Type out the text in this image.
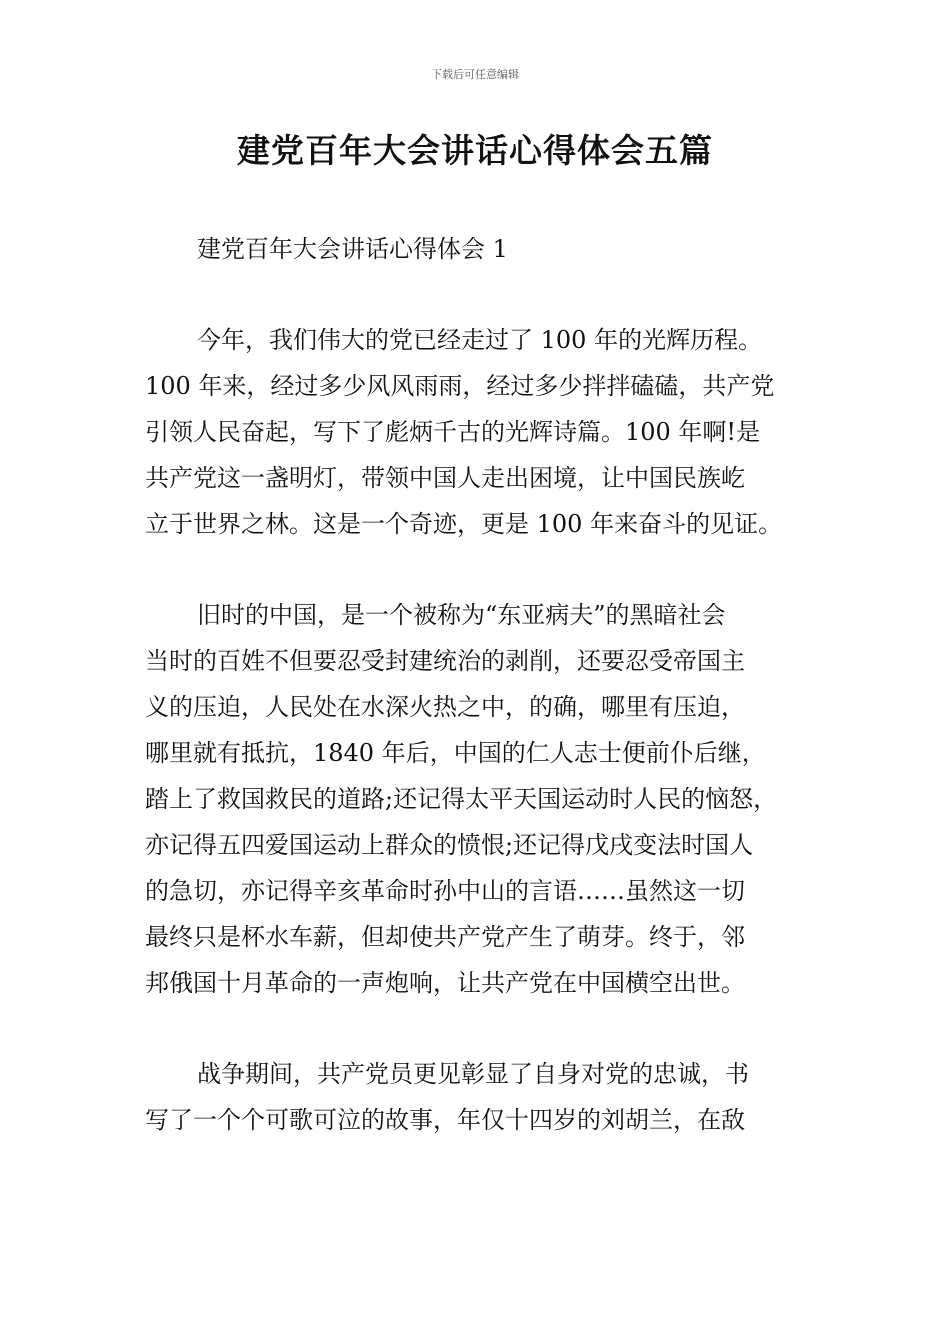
下载后可任意编辑

建党百年大会讲话心得体会五篇

建党百年大会讲话心得体会 1

今年，我们伟大的党已经走过了 100 年的光辉历程。
100 年来，经过多少风风雨雨，经过多少拌拌磕磕，共产党
引领人民奋起，写下了彪炳千古的光辉诗篇。100 年啊!是
共产党这一盏明灯，带领中国人走出困境，让中国民族屹
立于世界之林。这是一个奇迹，更是 100 年来奋斗的见证。

旧时的中国，是一个被称为“东亚病夫”的黑暗社会
当时的百姓不但要忍受封建统治的剥削，还要忍受帝国主
义的压迫，人民处在水深火热之中，的确，哪里有压迫，
哪里就有抵抗，1840 年后，中国的仁人志士便前仆后继，
踏上了救国救民的道路;还记得太平天国运动时人民的恼怒，
亦记得五四爱国运动上群众的愤恨;还记得戊戌变法时国人
的急切，亦记得辛亥革命时孙中山的言语……虽然这一切
最终只是杯水车薪，但却使共产党产生了萌芽。终于，邻
邦俄国十月革命的一声炮响，让共产党在中国横空出世。

战争期间，共产党员更见彰显了自身对党的忠诚，书
写了一个个可歌可泣的故事，年仅十四岁的刘胡兰，在敌
